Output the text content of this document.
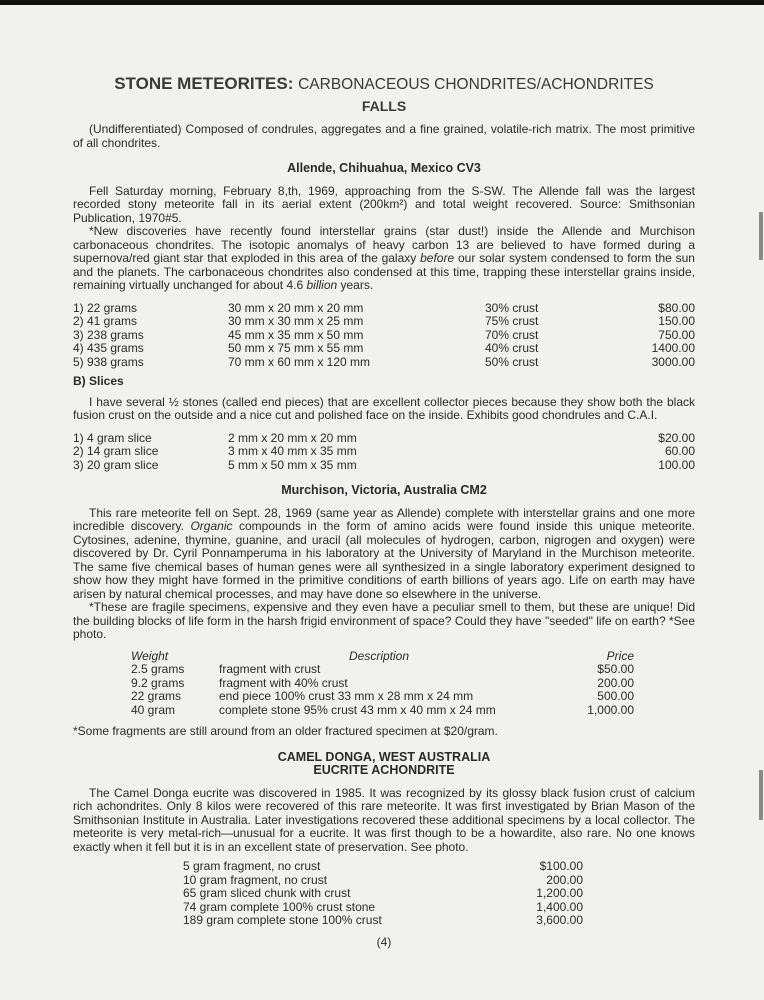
STONE METEORITES: CARBONACEOUS CHONDRITES/ACHONDRITES
FALLS

(Undifferentiated) Composed of condrules, aggregates and a fine grained, volatile-rich matrix. The most primitive of all chondrites.

Allende, Chihuahua, Mexico CV3

Fell Saturday morning, February 8,th, 1969, approaching from the S-SW. The Allende fall was the largest recorded stony meteorite fall in its aerial extent (200km²) and total weight recovered. Source: Smithsonian Publication, 1970#5.

*New discoveries have recently found interstellar grains (star dust!) inside the Allende and Murchison carbonaceous chondrites. The isotopic anomalys of heavy carbon 13 are believed to have formed during a supernova/red giant star that exploded in this area of the galaxy before our solar system condensed to form the sun and the planets. The carbonaceous chondrites also condensed at this time, trapping these interstellar grains inside, remaining virtually unchanged for about 4.6 billion years.

1) 22 grams	30 mm x 20 mm x 20 mm	30% crust	$80.00
2) 41 grams	30 mm x 30 mm x 25 mm	75% crust	150.00
3) 238 grams	45 mm x 35 mm x 50 mm	70% crust	750.00
4) 435 grams	50 mm x 75 mm x 55 mm	40% crust	1400.00
5) 938 grams	70 mm x 60 mm x 120 mm	50% crust	3000.00
B) Slices

I have several ½ stones (called end pieces) that are excellent collector pieces because they show both the black fusion crust on the outside and a nice cut and polished face on the inside. Exhibits good chondrules and C.A.I.

1) 4 gram slice	2 mm x 20 mm x 20 mm	$20.00
2) 14 gram slice	3 mm x 40 mm x 35 mm	60.00
3) 20 gram slice	5 mm x 50 mm x 35 mm	100.00
Murchison, Victoria, Australia CM2

This rare meteorite fell on Sept. 28, 1969 (same year as Allende) complete with interstellar grains and one more incredible discovery. Organic compounds in the form of amino acids were found inside this unique meteorite. Cytosines, adenine, thymine, guanine, and uracil (all molecules of hydrogen, carbon, nigrogen and oxygen) were discovered by Dr. Cyril Ponnamperuma in his laboratory at the University of Maryland in the Murchison meteorite. The same five chemical bases of human genes were all synthesized in a single laboratory experiment designed to show how they might have formed in the primitive conditions of earth billions of years ago. Life on earth may have arisen by natural chemical processes, and may have done so elsewhere in the universe.

*These are fragile specimens, expensive and they even have a peculiar smell to them, but these are unique! Did the building blocks of life form in the harsh frigid environment of space? Could they have "seeded" life on earth? *See photo.

Weight	Description	Price
2.5 grams	fragment with crust	$50.00
9.2 grams	fragment with 40% crust	200.00
22 grams	end piece 100% crust 33 mm x 28 mm x 24 mm	500.00
40 gram	complete stone 95% crust 43 mm x 40 mm x 24 mm	1,000.00

*Some fragments are still around from an older fractured specimen at $20/gram.

CAMEL DONGA, WEST AUSTRALIA
EUCRITE ACHONDRITE

The Camel Donga eucrite was discovered in 1985. It was recognized by its glossy black fusion crust of calcium rich achondrites. Only 8 kilos were recovered of this rare meteorite. It was first investigated by Brian Mason of the Smithsonian Institute in Australia. Later investigations recovered these additional specimens by a local collector. The meteorite is very metal-rich—unusual for a eucrite. It was first though to be a howardite, also rare. No one knows exactly when it fell but it is in an excellent state of preservation. See photo.

5 gram fragment, no crust	$100.00
10 gram fragment, no crust	200.00
65 gram sliced chunk with crust	1,200.00
74 gram complete 100% crust stone	1,400.00
189 gram complete stone 100% crust	3,600.00
(4)
